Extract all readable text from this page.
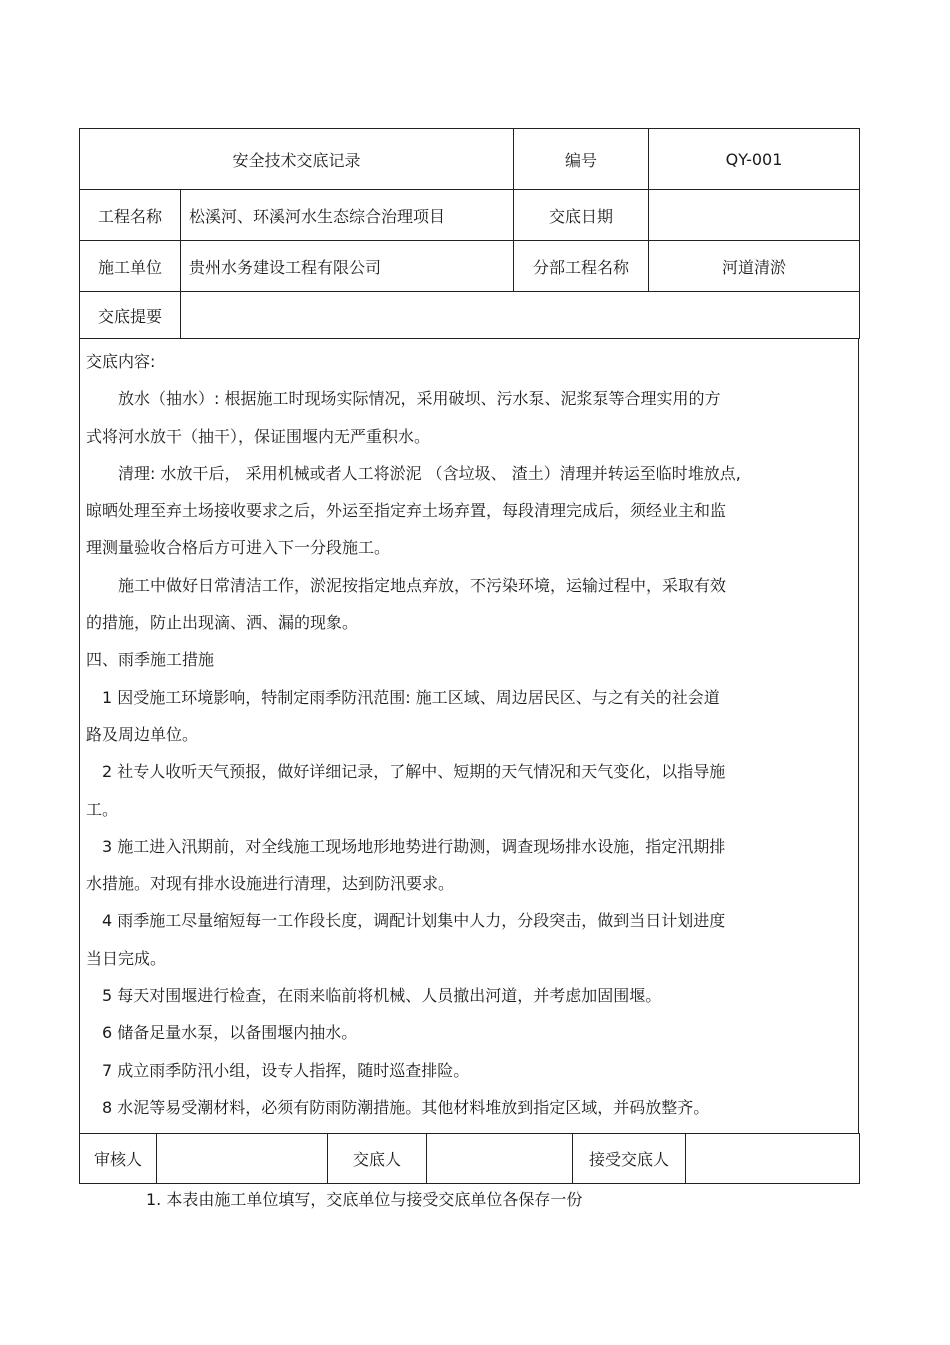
安全技术交底记录		编号	QY-001
工程名称	松溪河、环溪河水生态综合治理项目	交底日期	
施工单位	贵州水务建设工程有限公司	分部工程名称	河道清淤
交底提要			

交底内容:

　　放水（抽水）: 根据施工时现场实际情况，采用破坝、污水泵、泥浆泵等合理实用的方

式将河水放干（抽干），保证围堰内无严重积水。

　　清理: 水放干后， 采用机械或者人工将淤泥 （含垃圾、 渣土）清理并转运至临时堆放点,

晾晒处理至弃土场接收要求之后，外运至指定弃土场弃置，每段清理完成后，须经业主和监

理测量验收合格后方可进入下一分段施工。

　　施工中做好日常清洁工作，淤泥按指定地点弃放，不污染环境，运输过程中，采取有效

的措施，防止出现滴、洒、漏的现象。

四、雨季施工措施

　1 因受施工环境影响，特制定雨季防汛范围: 施工区域、周边居民区、与之有关的社会道

路及周边单位。

　2 社专人收听天气预报，做好详细记录，了解中、短期的天气情况和天气变化，以指导施

工。

　3 施工进入汛期前，对全线施工现场地形地势进行勘测，调查现场排水设施，指定汛期排

水措施。对现有排水设施进行清理，达到防汛要求。

　4 雨季施工尽量缩短每一工作段长度，调配计划集中人力，分段突击，做到当日计划进度

当日完成。

　5 每天对围堰进行检查，在雨来临前将机械、人员撤出河道，并考虑加固围堰。

　6 储备足量水泵，以备围堰内抽水。

　7 成立雨季防汛小组，设专人指挥，随时巡查排险。

　8 水泥等易受潮材料，必须有防雨防潮措施。其他材料堆放到指定区域，并码放整齐。

审核人		交底人		接受交底人	
1. 本表由施工单位填写，交底单位与接受交底单位各保存一份
